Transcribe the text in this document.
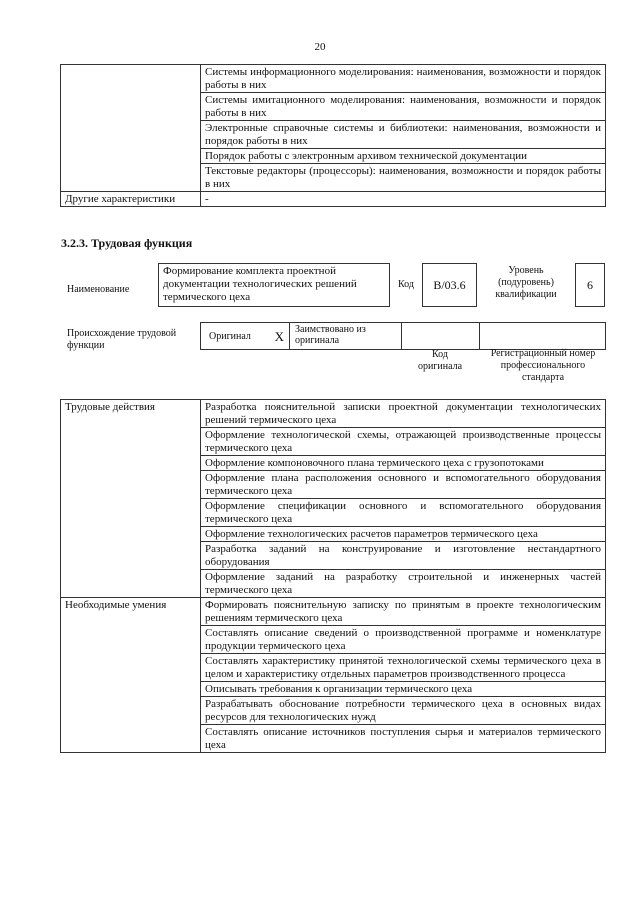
20
	Системы информационного моделирования: наименования, возможности и порядок работы в них
	Системы имитационного моделирования: наименования, возможности и порядок работы в них
	Электронные справочные системы и библиотеки: наименования, возможности и порядок работы в них
	Порядок работы с электронным архивом технической документации
	Текстовые редакторы (процессоры): наименования, возможности и порядок работы в них
Другие характеристики	-
3.2.3. Трудовая функция
Наименование
Формирование комплекта проектной документации технологических решений термического цеха
Код B/03.6
Уровень (подуровень) квалификации
6
Происхождение трудовой функции
Оригинал X	Заимствовано из оригинала
Код оригинала
Регистрационный номер профессионального стандарта
Трудовые действия	Разработка пояснительной записки проектной документации технологических решений термического цеха
	Оформление технологической схемы, отражающей производственные процессы термического цеха
	Оформление компоновочного плана термического цеха с грузопотоками
	Оформление плана расположения основного и вспомогательного оборудования термического цеха
	Оформление спецификации основного и вспомогательного оборудования термического цеха
	Оформление технологических расчетов параметров термического цеха
	Разработка заданий на конструирование и изготовление нестандартного оборудования
	Оформление заданий на разработку строительной и инженерных частей термического цеха
Необходимые умения	Формировать пояснительную записку по принятым в проекте технологическим решениям термического цеха
	Составлять описание сведений о производственной программе и номенклатуре продукции термического цеха
	Составлять характеристику принятой технологической схемы термического цеха в целом и характеристику отдельных параметров производственного процесса
	Описывать требования к организации термического цеха
	Разрабатывать обоснование потребности термического цеха в основных видах ресурсов для технологических нужд
	Составлять описание источников поступления сырья и материалов термического цеха
